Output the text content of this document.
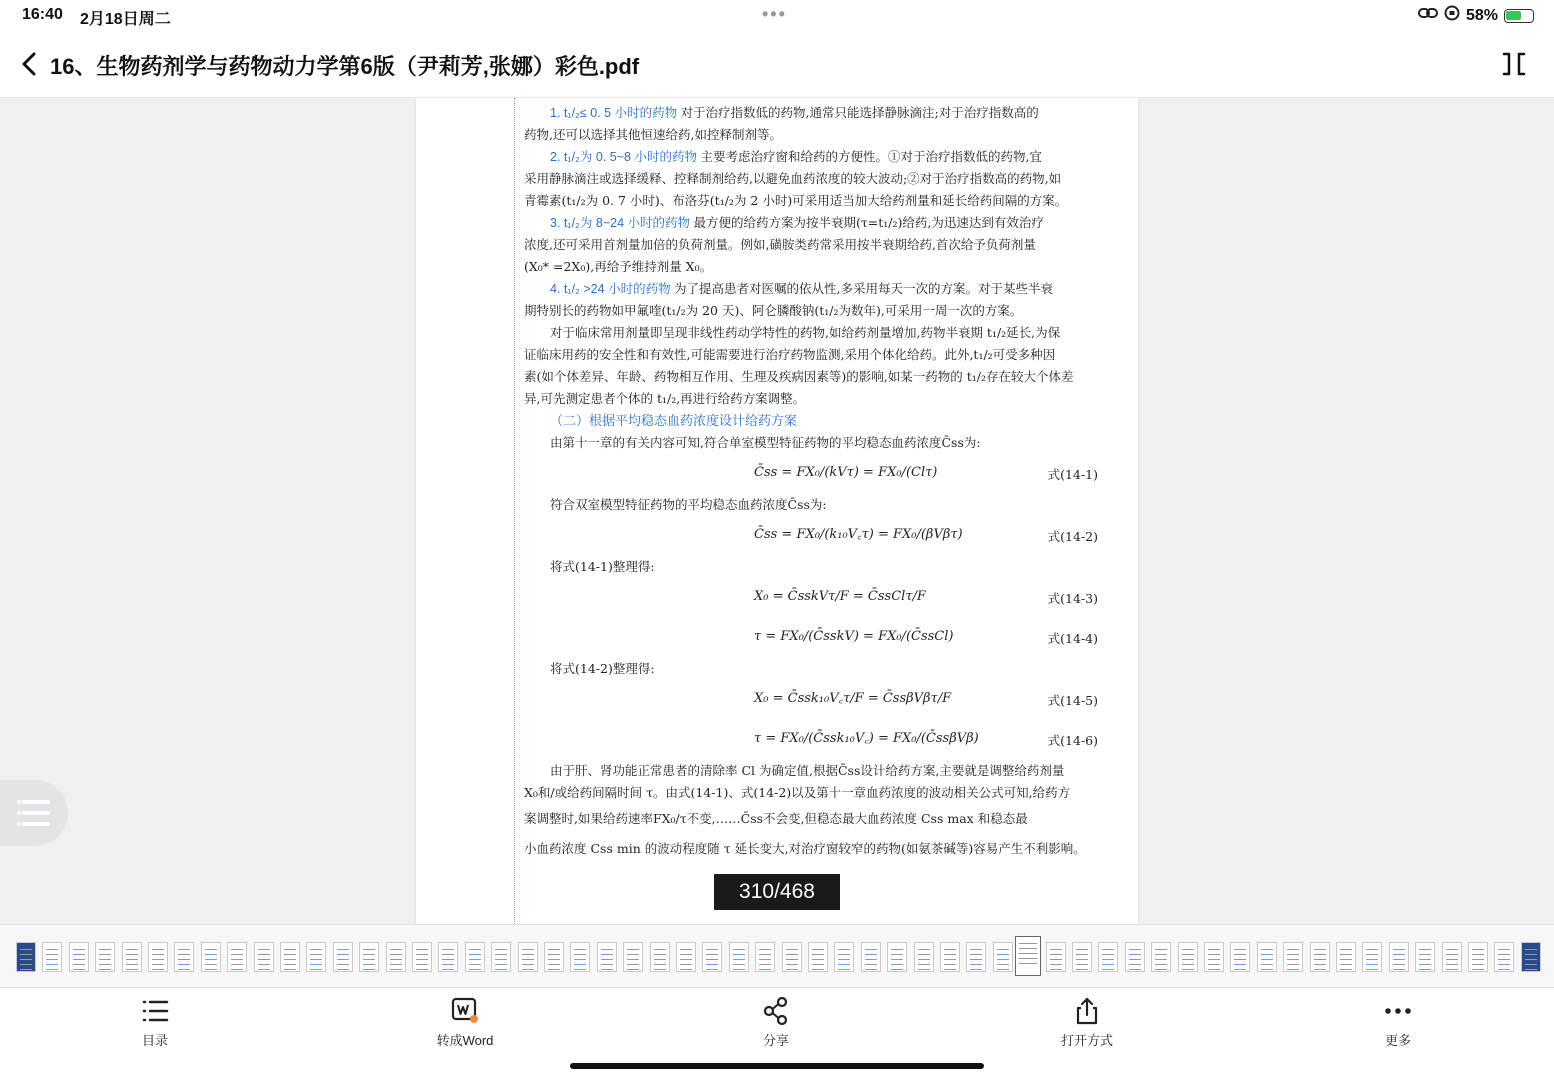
16:40 2月18日周二	•••	58%
16、生物药剂学与药物动力学第6版（尹莉芳,张娜）彩色.pdf

1. t₁/₂≤ 0. 5 小时的药物 对于治疗指数低的药物,通常只能选择静脉滴注;对于治疗指数高的

药物,还可以选择其他恒速给药,如控释制剂等。

2. t₁/₂为 0. 5~8 小时的药物 主要考虑治疗窗和给药的方便性。①对于治疗指数低的药物,宜

采用静脉滴注或选择缓释、控释制剂给药,以避免血药浓度的较大波动;②对于治疗指数高的药物,如

青霉素(t₁/₂为 0. 7 小时)、布洛芬(t₁/₂为 2 小时)可采用适当加大给药剂量和延长给药间隔的方案。

3. t₁/₂为 8~24 小时的药物 最方便的给药方案为按半衰期(τ=t₁/₂)给药,为迅速达到有效治疗

浓度,还可采用首剂量加倍的负荷剂量。例如,磺胺类药常采用按半衰期给药,首次给予负荷剂量

(X₀* =2X₀),再给予维持剂量 X₀。

4. t₁/₂ >24 小时的药物 为了提高患者对医嘱的依从性,多采用每天一次的方案。对于某些半衰

期特别长的药物如甲氟喹(t₁/₂为 20 天)、阿仑膦酸钠(t₁/₂为数年),可采用一周一次的方案。

对于临床常用剂量即呈现非线性药动学特性的药物,如给药剂量增加,药物半衰期 t₁/₂延长,为保

证临床用药的安全性和有效性,可能需要进行治疗药物监测,采用个体化给药。此外,t₁/₂可受多种因

素(如个体差异、年龄、药物相互作用、生理及疾病因素等)的影响,如某一药物的 t₁/₂存在较大个体差

异,可先测定患者个体的 t₁/₂,再进行给药方案调整。

（二）根据平均稳态血药浓度设计给药方案

由第十一章的有关内容可知,符合单室模型特征药物的平均稳态血药浓度C̄ss为:

C̄ss = FX₀/(kVτ) = FX₀/(Clτ)	式(14-1)

符合双室模型特征药物的平均稳态血药浓度C̄ss为:

C̄ss = FX₀/(k₁₀V꜀τ) = FX₀/(βVβτ)	式(14-2)

将式(14-1)整理得:

X₀ = C̄sskVτ/F = C̄ssClτ/F	式(14-3)
τ = FX₀/(C̄sskV) = FX₀/(C̄ssCl)	式(14-4)

将式(14-2)整理得:

X₀ = C̄ssk₁₀V꜀τ/F = C̄ssβVβτ/F	式(14-5)
τ = FX₀/(C̄ssk₁₀V꜀) = FX₀/(C̄ssβVβ)	式(14-6)

由于肝、肾功能正常患者的清除率 Cl 为确定值,根据C̄ss设计给药方案,主要就是调整给药剂量

X₀和/或给药间隔时间 τ。由式(14-1)、式(14-2)以及第十一章血药浓度的波动相关公式可知,给药方

案调整时,如果给药速率FX₀/τ不变,……C̄ss不会变,但稳态最大血药浓度 Css max 和稳态最

小血药浓度 Css min 的波动程度随 τ 延长变大,对治疗窗较窄的药物(如氨茶碱等)容易产生不利影响。

310/468
目录	转成Word	分享	打开方式	更多
